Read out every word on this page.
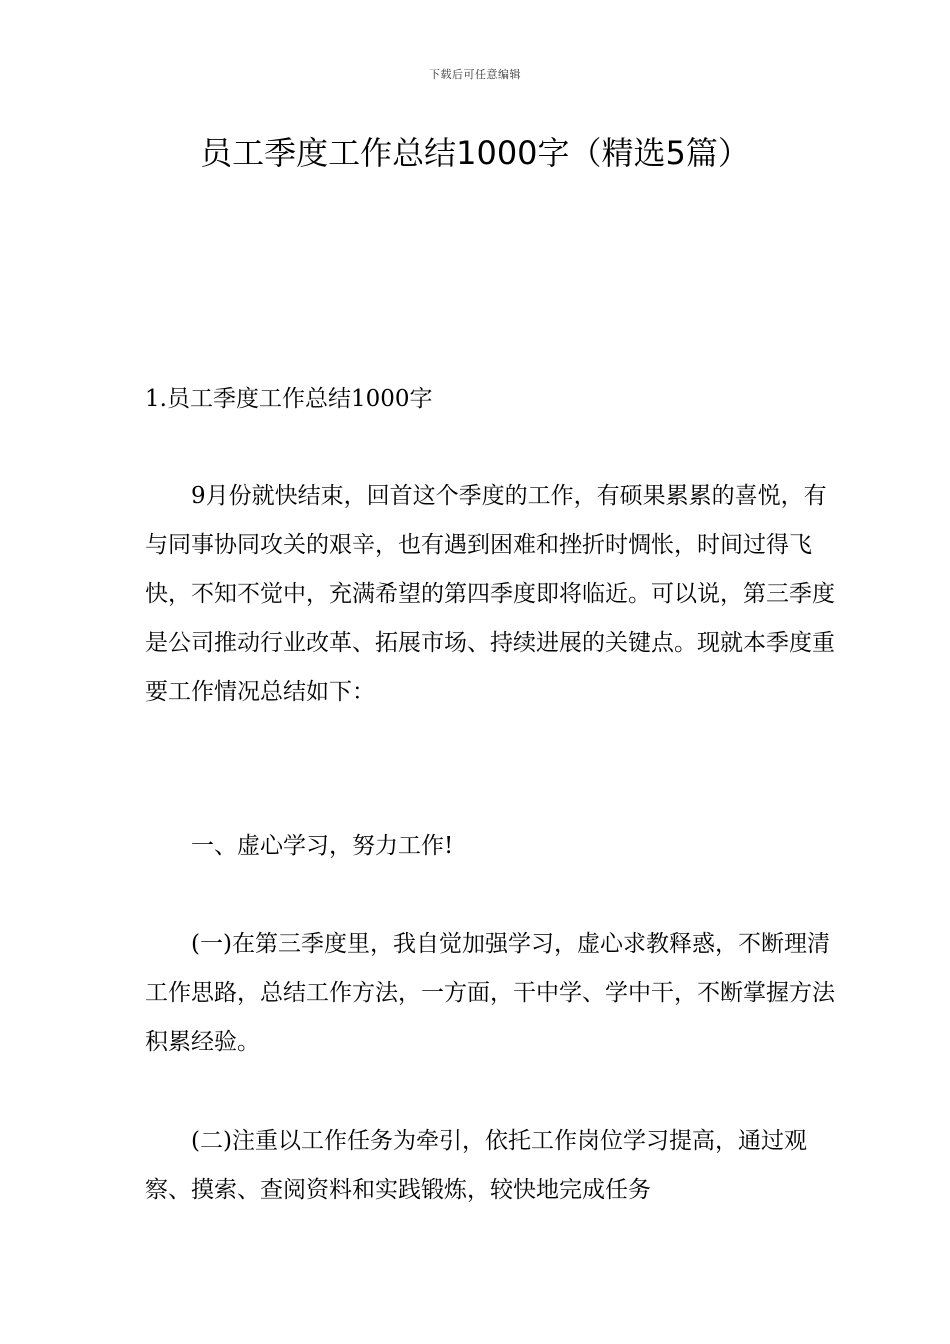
下载后可任意编辑
员工季度工作总结1000字（精选5篇）
1.员工季度工作总结1000字

9月份就快结束，回首这个季度的工作，有硕果累累的喜悦，有与同事协同攻关的艰辛，也有遇到困难和挫折时惆怅，时间过得飞快，不知不觉中，充满希望的第四季度即将临近。可以说，第三季度是公司推动行业改革、拓展市场、持续进展的关键点。现就本季度重要工作情况总结如下：

一、虚心学习，努力工作!

(一)在第三季度里，我自觉加强学习，虚心求教释惑，不断理清工作思路，总结工作方法，一方面，干中学、学中干，不断掌握方法积累经验。

(二)注重以工作任务为牵引，依托工作岗位学习提高，通过观察、摸索、查阅资料和实践锻炼，较快地完成任务
